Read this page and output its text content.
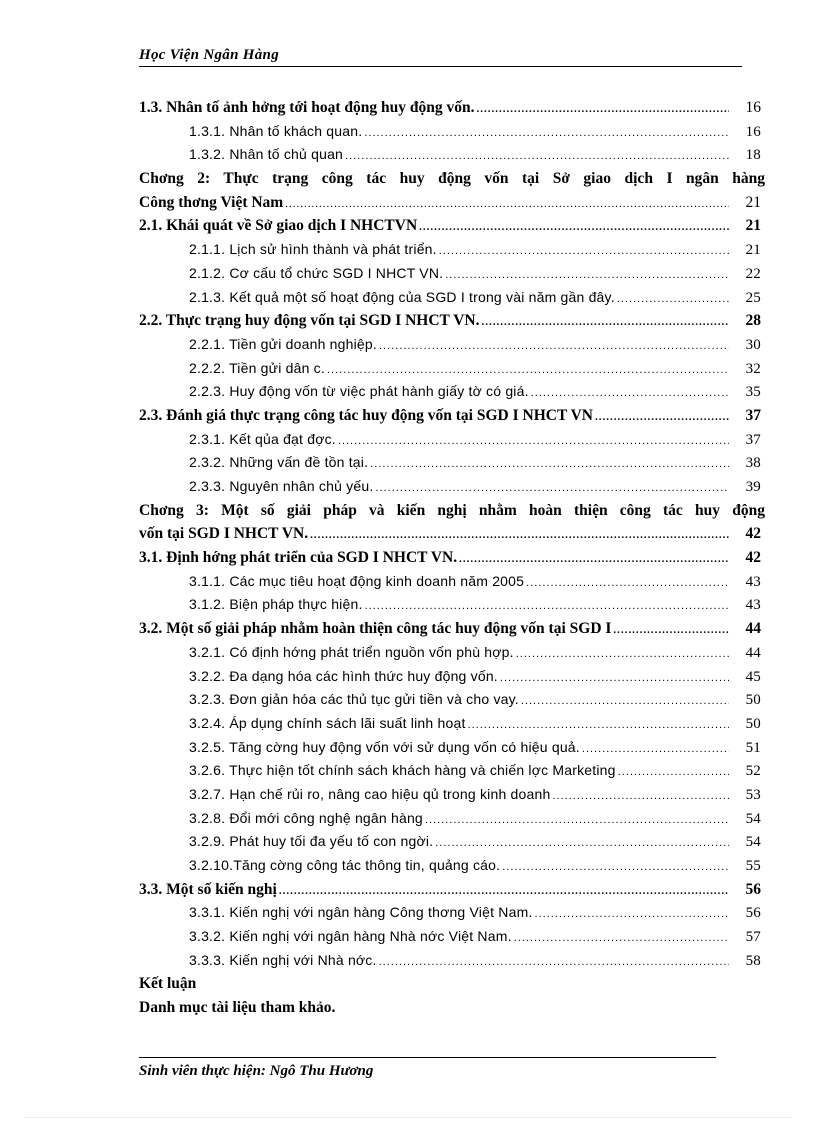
Học Viện Ngân Hàng
1.3. Nhân tố ảnh hởng tới hoạt động huy động vốn. .....	16
1.3.1. Nhân tố khách quan. .....	16
1.3.2. Nhân tố chủ quan .....	18
Chơng 2: Thực trạng công tác huy động vốn tại Sở giao dịch I ngân hàng
Công thơng Việt Nam .....	21
2.1. Khái quát về Sở giao dịch I NHCTVN .....	21
2.1.1. Lịch sử hình thành và phát triển. .....	21
2.1.2. Cơ cấu tổ chức SGD I NHCT VN. .....	22
2.1.3. Kết quả một số hoạt động của SGD I trong vài năm gần đây. .....	25
2.2. Thực trạng huy động vốn tại SGD I NHCT VN. .....	28
2.2.1. Tiền gửi doanh nghiệp. .....	30
2.2.2. Tiền gửi dân c. .....	32
2.2.3. Huy động vốn từ việc phát hành giấy tờ có giá. .....	35
2.3. Đánh giá thực trạng công tác huy động vốn tại SGD I NHCT VN .....	37
2.3.1. Kết qủa đạt đợc. .....	37
2.3.2. Những vấn đề tồn tại. .....	38
2.3.3. Nguyên nhân chủ yếu. .....	39
Chơng 3: Một số giải pháp và kiến nghị nhằm hoàn thiện công tác huy động
vốn tại SGD I NHCT VN. .....	42
3.1. Định hớng phát triển của SGD I NHCT VN. .....	42
3.1.1. Các mục tiêu hoạt động kinh doanh năm 2005 .....	43
3.1.2. Biện pháp thực hiện. .....	43
3.2. Một số giải pháp nhằm hoàn thiện công tác huy động vốn tại SGD I .....	44
3.2.1. Có định hớng phát triển nguồn vốn phù hợp. .....	44
3.2.2. Đa dạng hóa các hình thức huy động vốn. .....	45
3.2.3. Đơn giản hóa các thủ tục gửi tiền và cho vay. .....	50
3.2.4. Áp dụng chính sách lãi suất linh hoạt .....	50
3.2.5. Tăng cờng huy động vốn với sử dụng vốn có hiệu quả. .....	51
3.2.6. Thực hiện tốt chính sách khách hàng và chiến lợc Marketing .....	52
3.2.7. Hạn chế rủi ro, nâng cao hiệu qủ trong kinh doanh .....	53
3.2.8. Đổi mới công nghệ ngân hàng .....	54
3.2.9. Phát huy tối đa yếu tố con ngời. .....	54
3.2.10.Tăng cờng công tác thông tin, quảng cáo. .....	55
3.3. Một số kiến nghị .....	56
3.3.1. Kiến nghị với ngân hàng Công thơng Việt Nam. .....	56
3.3.2. Kiến nghị với ngân hàng Nhà nớc Việt Nam. .....	57
3.3.3. Kiến nghị với Nhà nớc. .....	58
Kết luận
Danh mục tài liệu tham khảo.
Sinh viên thực hiện: Ngô Thu Hương
